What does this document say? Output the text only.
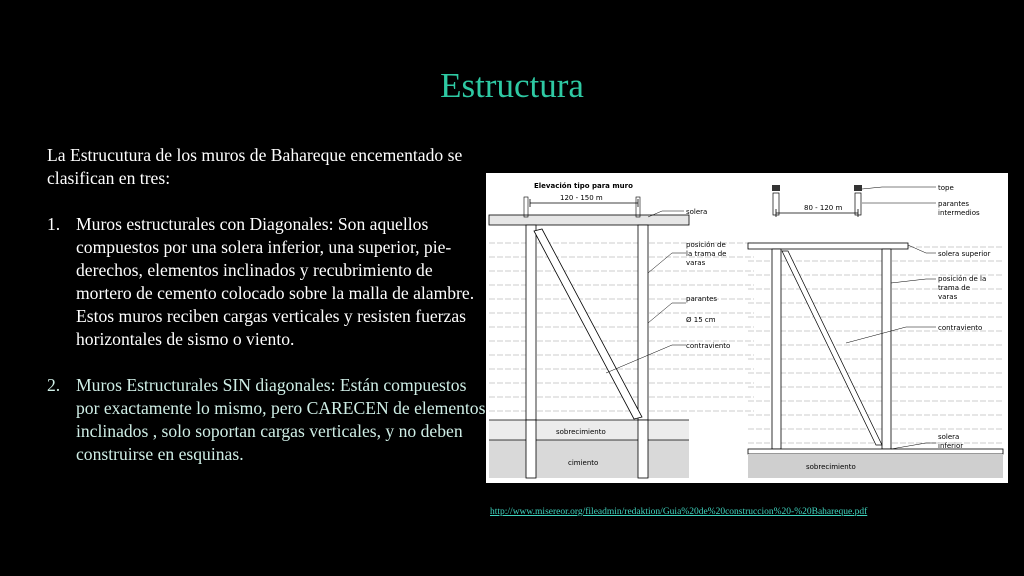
Estructura

La Estrucutura de los muros de Bahareque encementado se clasifican en tres:

1. Muros estructurales con Diagonales: Son aquellos compuestos por una solera inferior, una superior, pie-derechos, elementos inclinados y recubrimiento de mortero de cemento colocado sobre la malla de alambre. Estos muros reciben cargas verticales y resisten fuerzas horizontales de sismo o viento.
2. Muros Estructurales SIN diagonales: Están compuestos por exactamente lo mismo, pero CARECEN de elementos inclinados , solo soportan cargas verticales, y no deben construirse en esquinas.
Elevación tipo para muro
120 - 150 m
sobrecimiento
cimiento
solera
posición de
la trama de
varas
parantes
Ø 15 cm
contraviento
80 - 120 m
sobrecimiento
tope
parantes
intermedios
solera superior
posición de la
trama de
varas
contraviento
solera
inferior
http://www.misereor.org/fileadmin/redaktion/Guia%20de%20construccion%20-%20Bahareque.pdf
